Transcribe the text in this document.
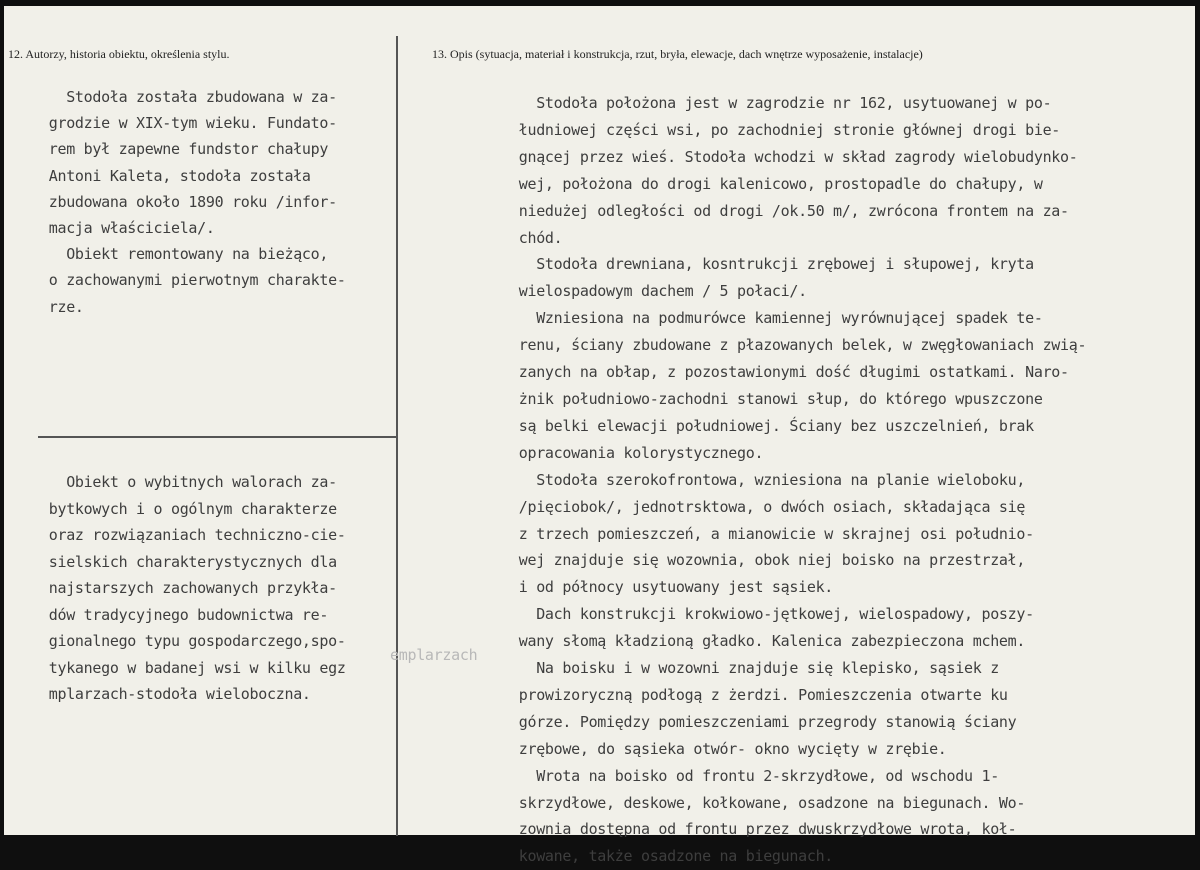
12. Autorzy, historia obiektu, określenia stylu.	13. Opis (sytuacja, materiał i konstrukcja, rzut, bryła, elewacje, dach wnętrze wyposażenie, instalacje)
Stodoła została zbudowana w za-
grodzie w XIX-tym wieku. Fundato-
rem był zapewne fundstor chałupy
Antoni Kaleta, stodoła została
zbudowana około 1890 roku /infor-
macja właściciela/.
Obiekt remontowany na bieżąco,
o zachowanymi pierwotnym charakte-
rze.
Obiekt o wybitnych walorach za-
bytkowych i o ogólnym charakterze
oraz rozwiązaniach techniczno-cie-
sielskich charakterystycznych dla
najstarszych zachowanych przykła-
dów tradycyjnego budownictwa re-
gionalnego typu gospodarczego,spo-
tykanego w badanej wsi w kilku egz
mplarzach-stodoła wieloboczna.
emplarzach
Stodoła położona jest w zagrodzie nr 162, usytuowanej w po-
łudniowej części wsi, po zachodniej stronie głównej drogi bie-
gnącej przez wieś. Stodoła wchodzi w skład zagrody wielobudynko-
wej, położona do drogi kalenicowo, prostopadle do chałupy, w
niedużej odległości od drogi /ok.50 m/, zwrócona frontem na za-
chód.
Stodoła drewniana, kosntrukcji zrębowej i słupowej, kryta
wielospadowym dachem / 5 połaci/.
Wzniesiona na podmurówce kamiennej wyrównującej spadek te-
renu, ściany zbudowane z płazowanych belek, w zwęgłowaniach zwią-
zanych na obłap, z pozostawionymi dość długimi ostatkami. Naro-
żnik południowo-zachodni stanowi słup, do którego wpuszczone
są belki elewacji południowej. Ściany bez uszczelnień, brak
opracowania kolorystycznego.
Stodoła szerokofrontowa, wzniesiona na planie wieloboku,
/pięciobok/, jednotrsktowa, o dwóch osiach, składająca się
z trzech pomieszczeń, a mianowicie w skrajnej osi południo-
wej znajduje się wozownia, obok niej boisko na przestrzał,
i od północy usytuowany jest sąsiek.
Dach konstrukcji krokwiowo-jętkowej, wielospadowy, poszy-
wany słomą kładzioną gładko. Kalenica zabezpieczona mchem.
Na boisku i w wozowni znajduje się klepisko, sąsiek z
prowizoryczną podłogą z żerdzi. Pomieszczenia otwarte ku
górze. Pomiędzy pomieszczeniami przegrody stanowią ściany
zrębowe, do sąsieka otwór- okno wycięty w zrębie.
Wrota na boisko od frontu 2-skrzydłowe, od wschodu 1-
skrzydłowe, deskowe, kołkowane, osadzone na biegunach. Wo-
zownia dostępna od frontu przez dwuskrzydłowe wrota, koł-
kowane, także osadzone na biegunach.
